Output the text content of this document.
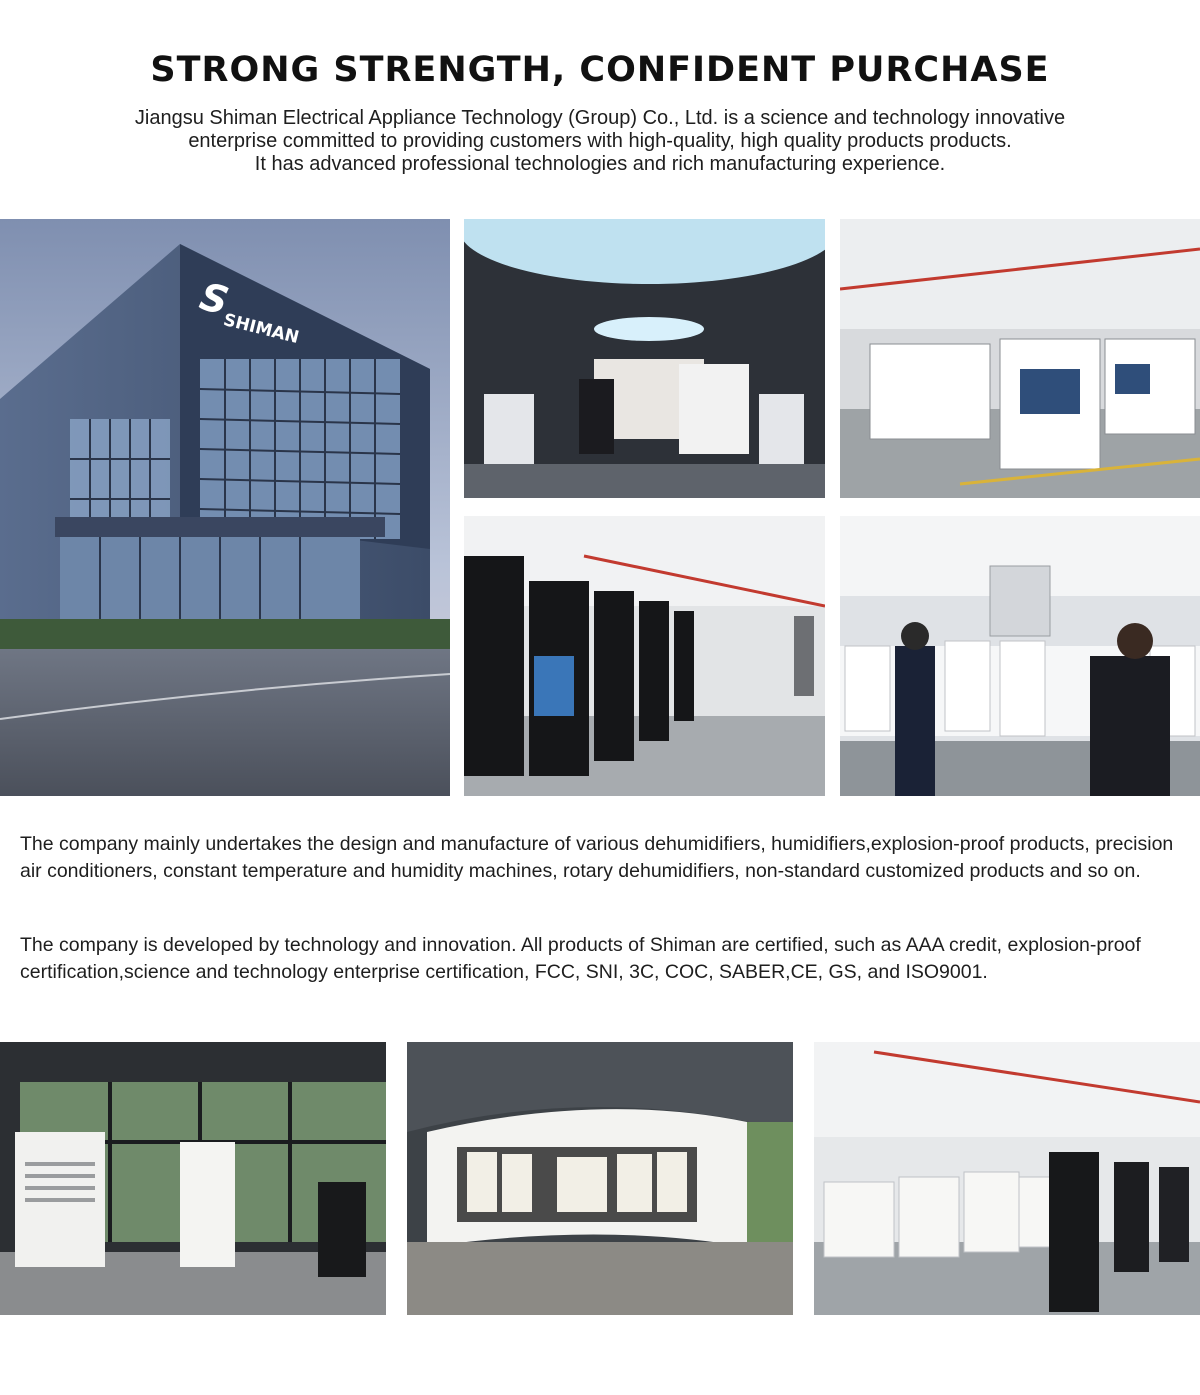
STRONG STRENGTH, CONFIDENT PURCHASE
Jiangsu Shiman Electrical Appliance Technology (Group) Co., Ltd. is a science and technology innovative
enterprise committed to providing customers with high-quality, high quality products products.
It has advanced professional technologies and rich manufacturing experience.
S
SHIMAN

The company mainly undertakes the design and manufacture of various dehumidifiers, humidifiers,explosion-proof products, precision air conditioners, constant temperature and humidity machines, rotary dehumidifiers, non-standard customized products and so on.

The company is developed by technology and innovation. All products of Shiman are certified, such as AAA credit, explosion-proof certification,science and technology enterprise certification, FCC, SNI, 3C, COC, SABER,CE, GS, and ISO9001.
